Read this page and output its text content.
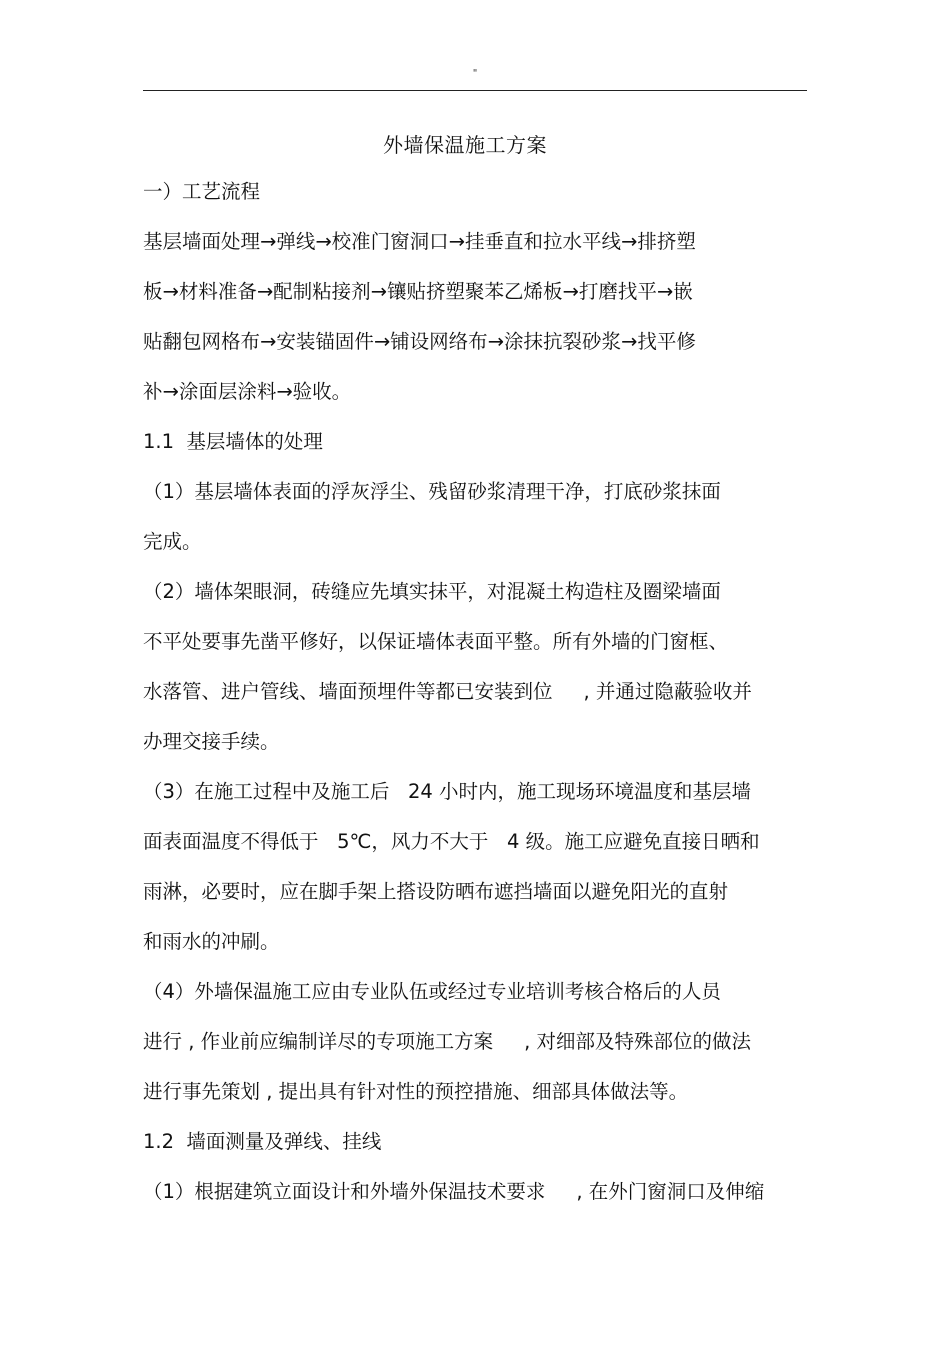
"
外墙保温施工方案
一）工艺流程
基层墙面处理→弹线→校准门窗洞口→挂垂直和拉水平线→排挤塑
板→材料准备→配制粘接剂→镶贴挤塑聚苯乙烯板→打磨找平→嵌
贴翻包网格布→安装锚固件→铺设网络布→涂抹抗裂砂浆→找平修
补→涂面层涂料→验收。
1.1  基层墙体的处理
（1）基层墙体表面的浮灰浮尘、残留砂浆清理干净，打底砂浆抹面
完成。
（2）墙体架眼洞，砖缝应先填实抹平，对混凝土构造柱及圈梁墙面
不平处要事先凿平修好，以保证墙体表面平整。所有外墙的门窗框、
水落管、进户管线、墙面预埋件等都已安装到位     , 并通过隐蔽验收并
办理交接手续。
（3）在施工过程中及施工后   24 小时内，施工现场环境温度和基层墙
面表面温度不得低于   5℃，风力不大于   4 级。施工应避免直接日晒和
雨淋，必要时，应在脚手架上搭设防晒布遮挡墙面以避免阳光的直射
和雨水的冲刷。
（4）外墙保温施工应由专业队伍或经过专业培训考核合格后的人员
进行 , 作业前应编制详尽的专项施工方案     , 对细部及特殊部位的做法
进行事先策划 , 提出具有针对性的预控措施、细部具体做法等。
1.2  墙面测量及弹线、挂线
（1）根据建筑立面设计和外墙外保温技术要求     , 在外门窗洞口及伸缩
